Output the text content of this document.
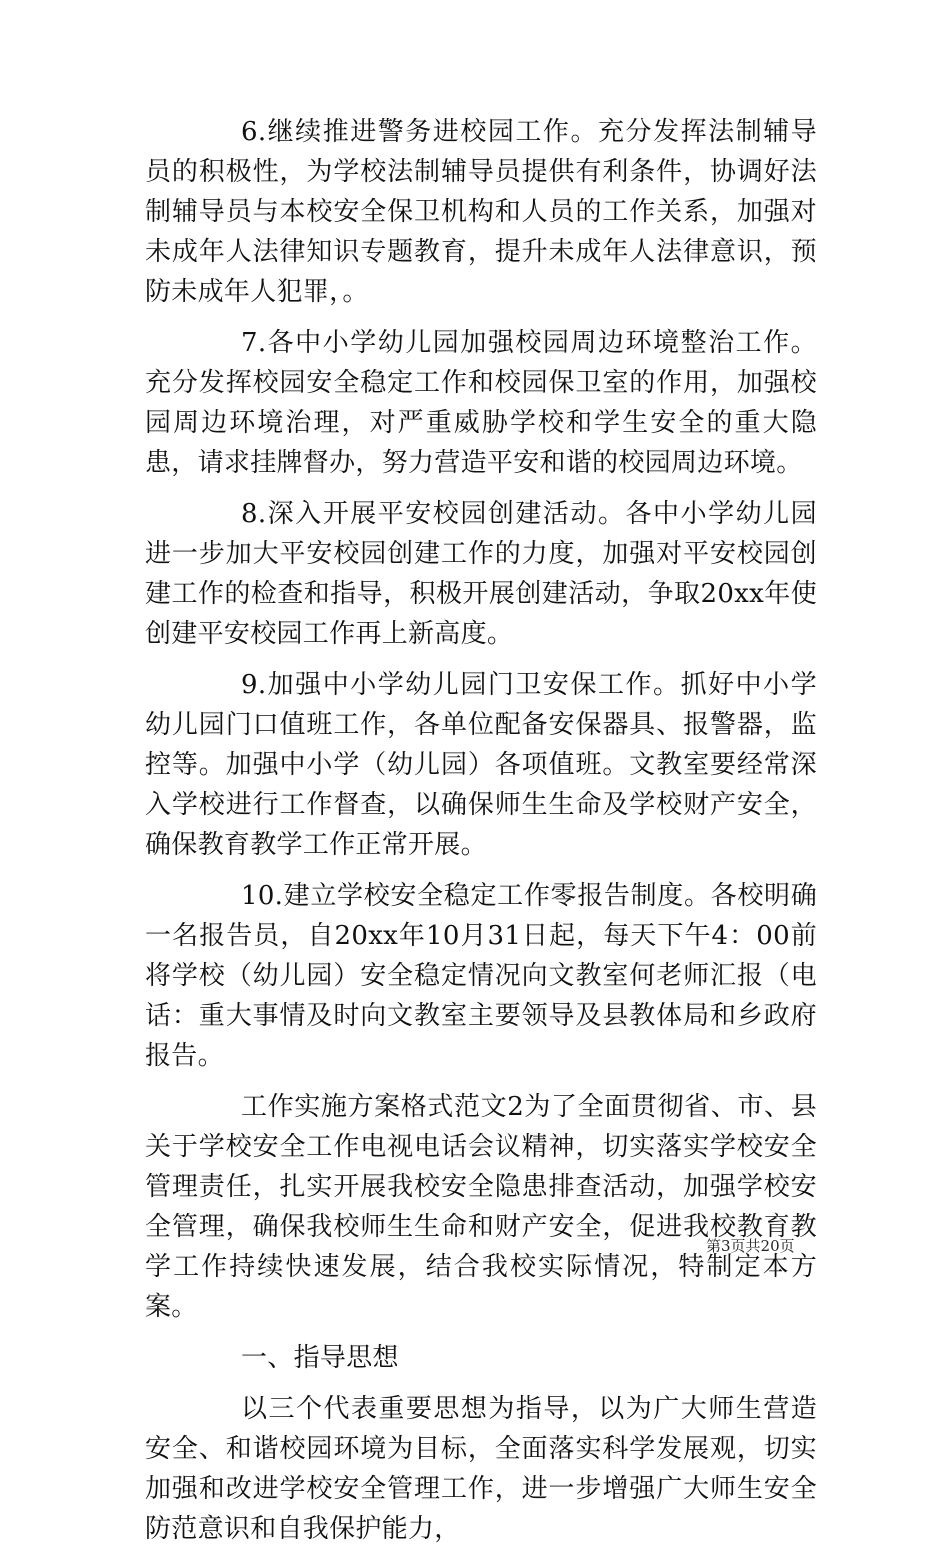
6.继续推进警务进校园工作。充分发挥法制辅导员的积极性，为学校法制辅导员提供有利条件，协调好法制辅导员与本校安全保卫机构和人员的工作关系，加强对未成年人法律知识专题教育，提升未成年人法律意识，预防未成年人犯罪，。

7.各中小学幼儿园加强校园周边环境整治工作。充分发挥校园安全稳定工作和校园保卫室的作用，加强校园周边环境治理，对严重威胁学校和学生安全的重大隐患，请求挂牌督办，努力营造平安和谐的校园周边环境。

8.深入开展平安校园创建活动。各中小学幼儿园进一步加大平安校园创建工作的力度，加强对平安校园创建工作的检查和指导，积极开展创建活动，争取20xx年使创建平安校园工作再上新高度。

9.加强中小学幼儿园门卫安保工作。抓好中小学幼儿园门口值班工作，各单位配备安保器具、报警器，监控等。加强中小学（幼儿园）各项值班。文教室要经常深入学校进行工作督查，以确保师生生命及学校财产安全，确保教育教学工作正常开展。

10.建立学校安全稳定工作零报告制度。各校明确一名报告员，自20xx年10月31日起，每天下午4：00前将学校（幼儿园）安全稳定情况向文教室何老师汇报（电话：重大事情及时向文教室主要领导及县教体局和乡政府报告。

工作实施方案格式范文2为了全面贯彻省、市、县关于学校安全工作电视电话会议精神，切实落实学校安全管理责任，扎实开展我校安全隐患排查活动，加强学校安全管理，确保我校师生生命和财产安全，促进我校教育教学工作持续快速发展，结合我校实际情况，特制定本方案。

一、指导思想

以三个代表重要思想为指导，以为广大师生营造安全、和谐校园环境为目标，全面落实科学发展观，切实加强和改进学校安全管理工作，进一步增强广大师生安全防范意识和自我保护能力，

第3页共20页
